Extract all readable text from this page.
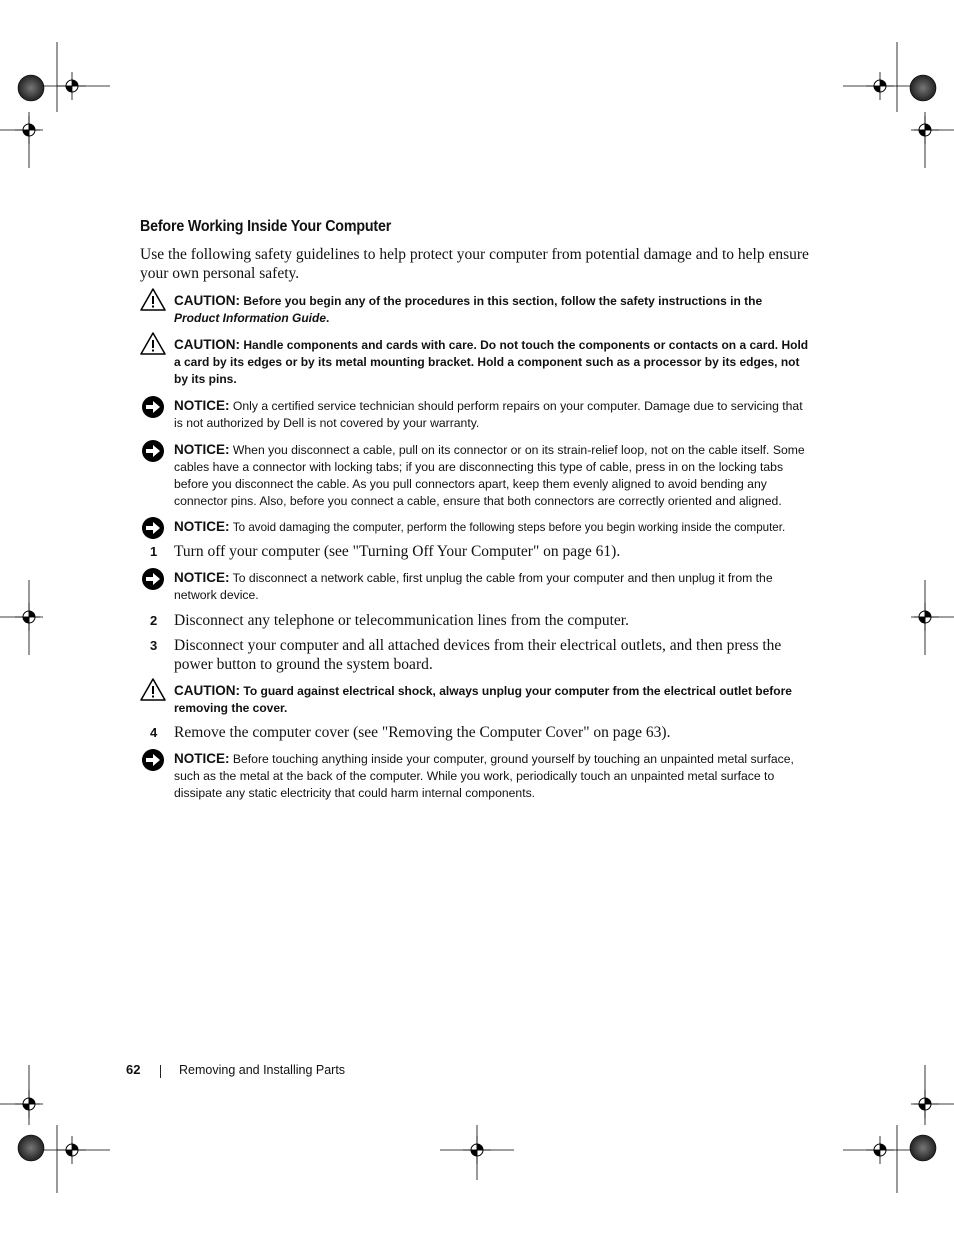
Before Working Inside Your Computer
Use the following safety guidelines to help protect your computer from potential damage and to help ensure your own personal safety.
CAUTION: Before you begin any of the procedures in this section, follow the safety instructions in the
Product Information Guide.
CAUTION: Handle components and cards with care. Do not touch the components or contacts on a card. Hold a card by its edges or by its metal mounting bracket. Hold a component such as a processor by its edges, not by its pins.
NOTICE: Only a certified service technician should perform repairs on your computer. Damage due to servicing that is not authorized by Dell is not covered by your warranty.
NOTICE: When you disconnect a cable, pull on its connector or on its strain-relief loop, not on the cable itself. Some cables have a connector with locking tabs; if you are disconnecting this type of cable, press in on the locking tabs before you disconnect the cable. As you pull connectors apart, keep them evenly aligned to avoid bending any connector pins. Also, before you connect a cable, ensure that both connectors are correctly oriented and aligned.
NOTICE: To avoid damaging the computer, perform the following steps before you begin working inside the computer.
1 Turn off your computer (see "Turning Off Your Computer" on page 61).
NOTICE: To disconnect a network cable, first unplug the cable from your computer and then unplug it from the network device.
2 Disconnect any telephone or telecommunication lines from the computer.
3 Disconnect your computer and all attached devices from their electrical outlets, and then press the power button to ground the system board.
CAUTION: To guard against electrical shock, always unplug your computer from the electrical outlet before removing the cover.
4 Remove the computer cover (see "Removing the Computer Cover" on page 63).
NOTICE: Before touching anything inside your computer, ground yourself by touching an unpainted metal surface, such as the metal at the back of the computer. While you work, periodically touch an unpainted metal surface to dissipate any static electricity that could harm internal components.
62	Removing and Installing Parts
